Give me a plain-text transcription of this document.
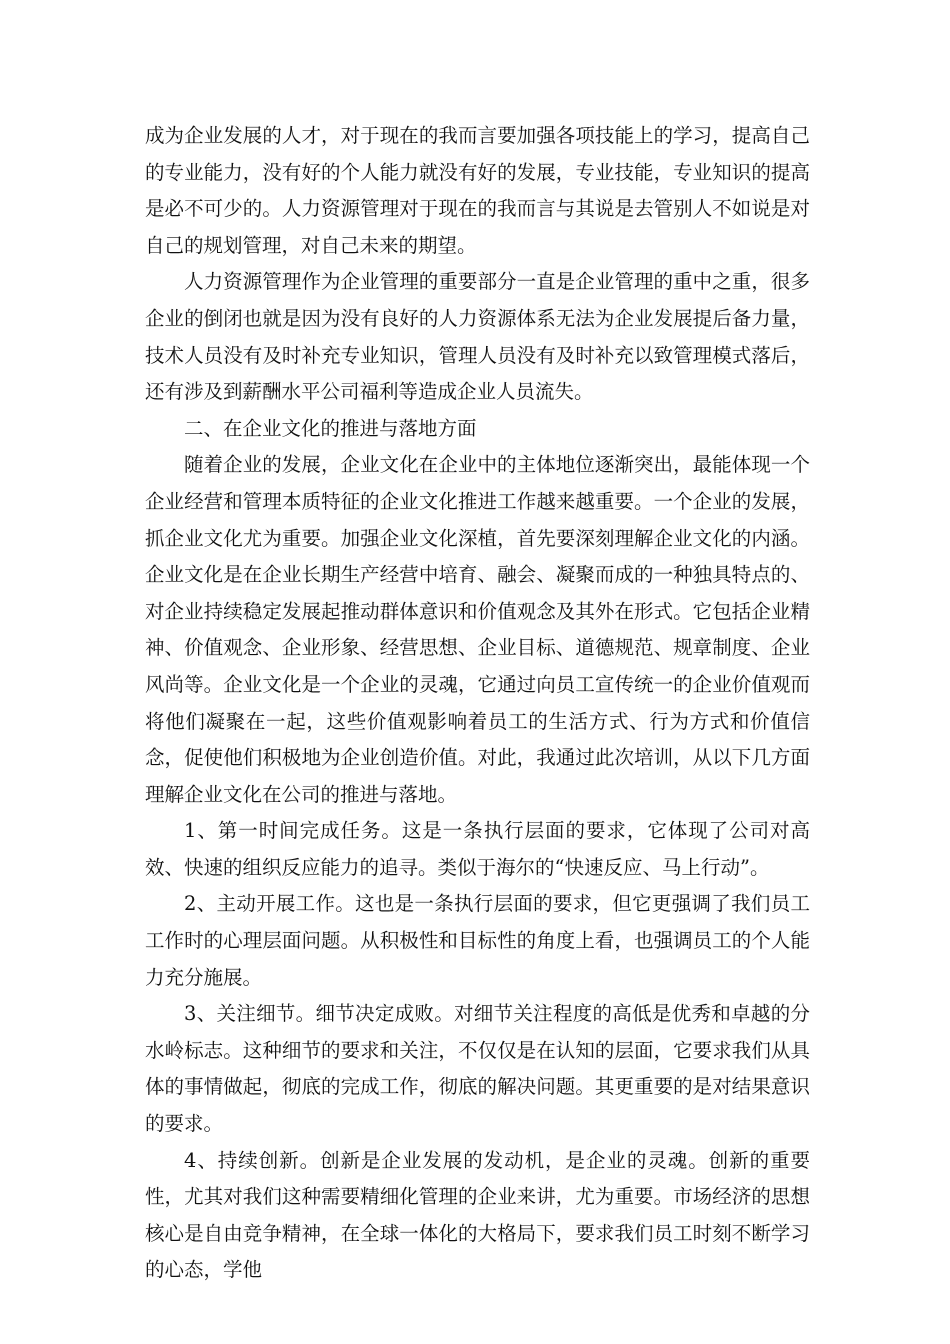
成为企业发展的人才，对于现在的我而言要加强各项技能上的学习，提高自己的专业能力，没有好的个人能力就没有好的发展，专业技能，专业知识的提高是必不可少的。人力资源管理对于现在的我而言与其说是去管别人不如说是对自己的规划管理，对自己未来的期望。

人力资源管理作为企业管理的重要部分一直是企业管理的重中之重，很多企业的倒闭也就是因为没有良好的人力资源体系无法为企业发展提后备力量，技术人员没有及时补充专业知识，管理人员没有及时补充以致管理模式落后，还有涉及到薪酬水平公司福利等造成企业人员流失。

二、在企业文化的推进与落地方面

随着企业的发展，企业文化在企业中的主体地位逐渐突出，最能体现一个企业经营和管理本质特征的企业文化推进工作越来越重要。一个企业的发展，抓企业文化尤为重要。加强企业文化深植，首先要深刻理解企业文化的内涵。企业文化是在企业长期生产经营中培育、融会、凝聚而成的一种独具特点的、对企业持续稳定发展起推动群体意识和价值观念及其外在形式。它包括企业精神、价值观念、企业形象、经营思想、企业目标、道德规范、规章制度、企业风尚等。企业文化是一个企业的灵魂，它通过向员工宣传统一的企业价值观而将他们凝聚在一起，这些价值观影响着员工的生活方式、行为方式和价值信念，促使他们积极地为企业创造价值。对此，我通过此次培训，从以下几方面理解企业文化在公司的推进与落地。

1、第一时间完成任务。这是一条执行层面的要求，它体现了公司对高效、快速的组织反应能力的追寻。类似于海尔的“快速反应、马上行动”。

2、主动开展工作。这也是一条执行层面的要求，但它更强调了我们员工工作时的心理层面问题。从积极性和目标性的角度上看，也强调员工的个人能力充分施展。

3、关注细节。细节决定成败。对细节关注程度的高低是优秀和卓越的分水岭标志。这种细节的要求和关注，不仅仅是在认知的层面，它要求我们从具体的事情做起，彻底的完成工作，彻底的解决问题。其更重要的是对结果意识的要求。

4、持续创新。创新是企业发展的发动机，是企业的灵魂。创新的重要性，尤其对我们这种需要精细化管理的企业来讲，尤为重要。市场经济的思想核心是自由竞争精神，在全球一体化的大格局下，要求我们员工时刻不断学习的心态，学他
